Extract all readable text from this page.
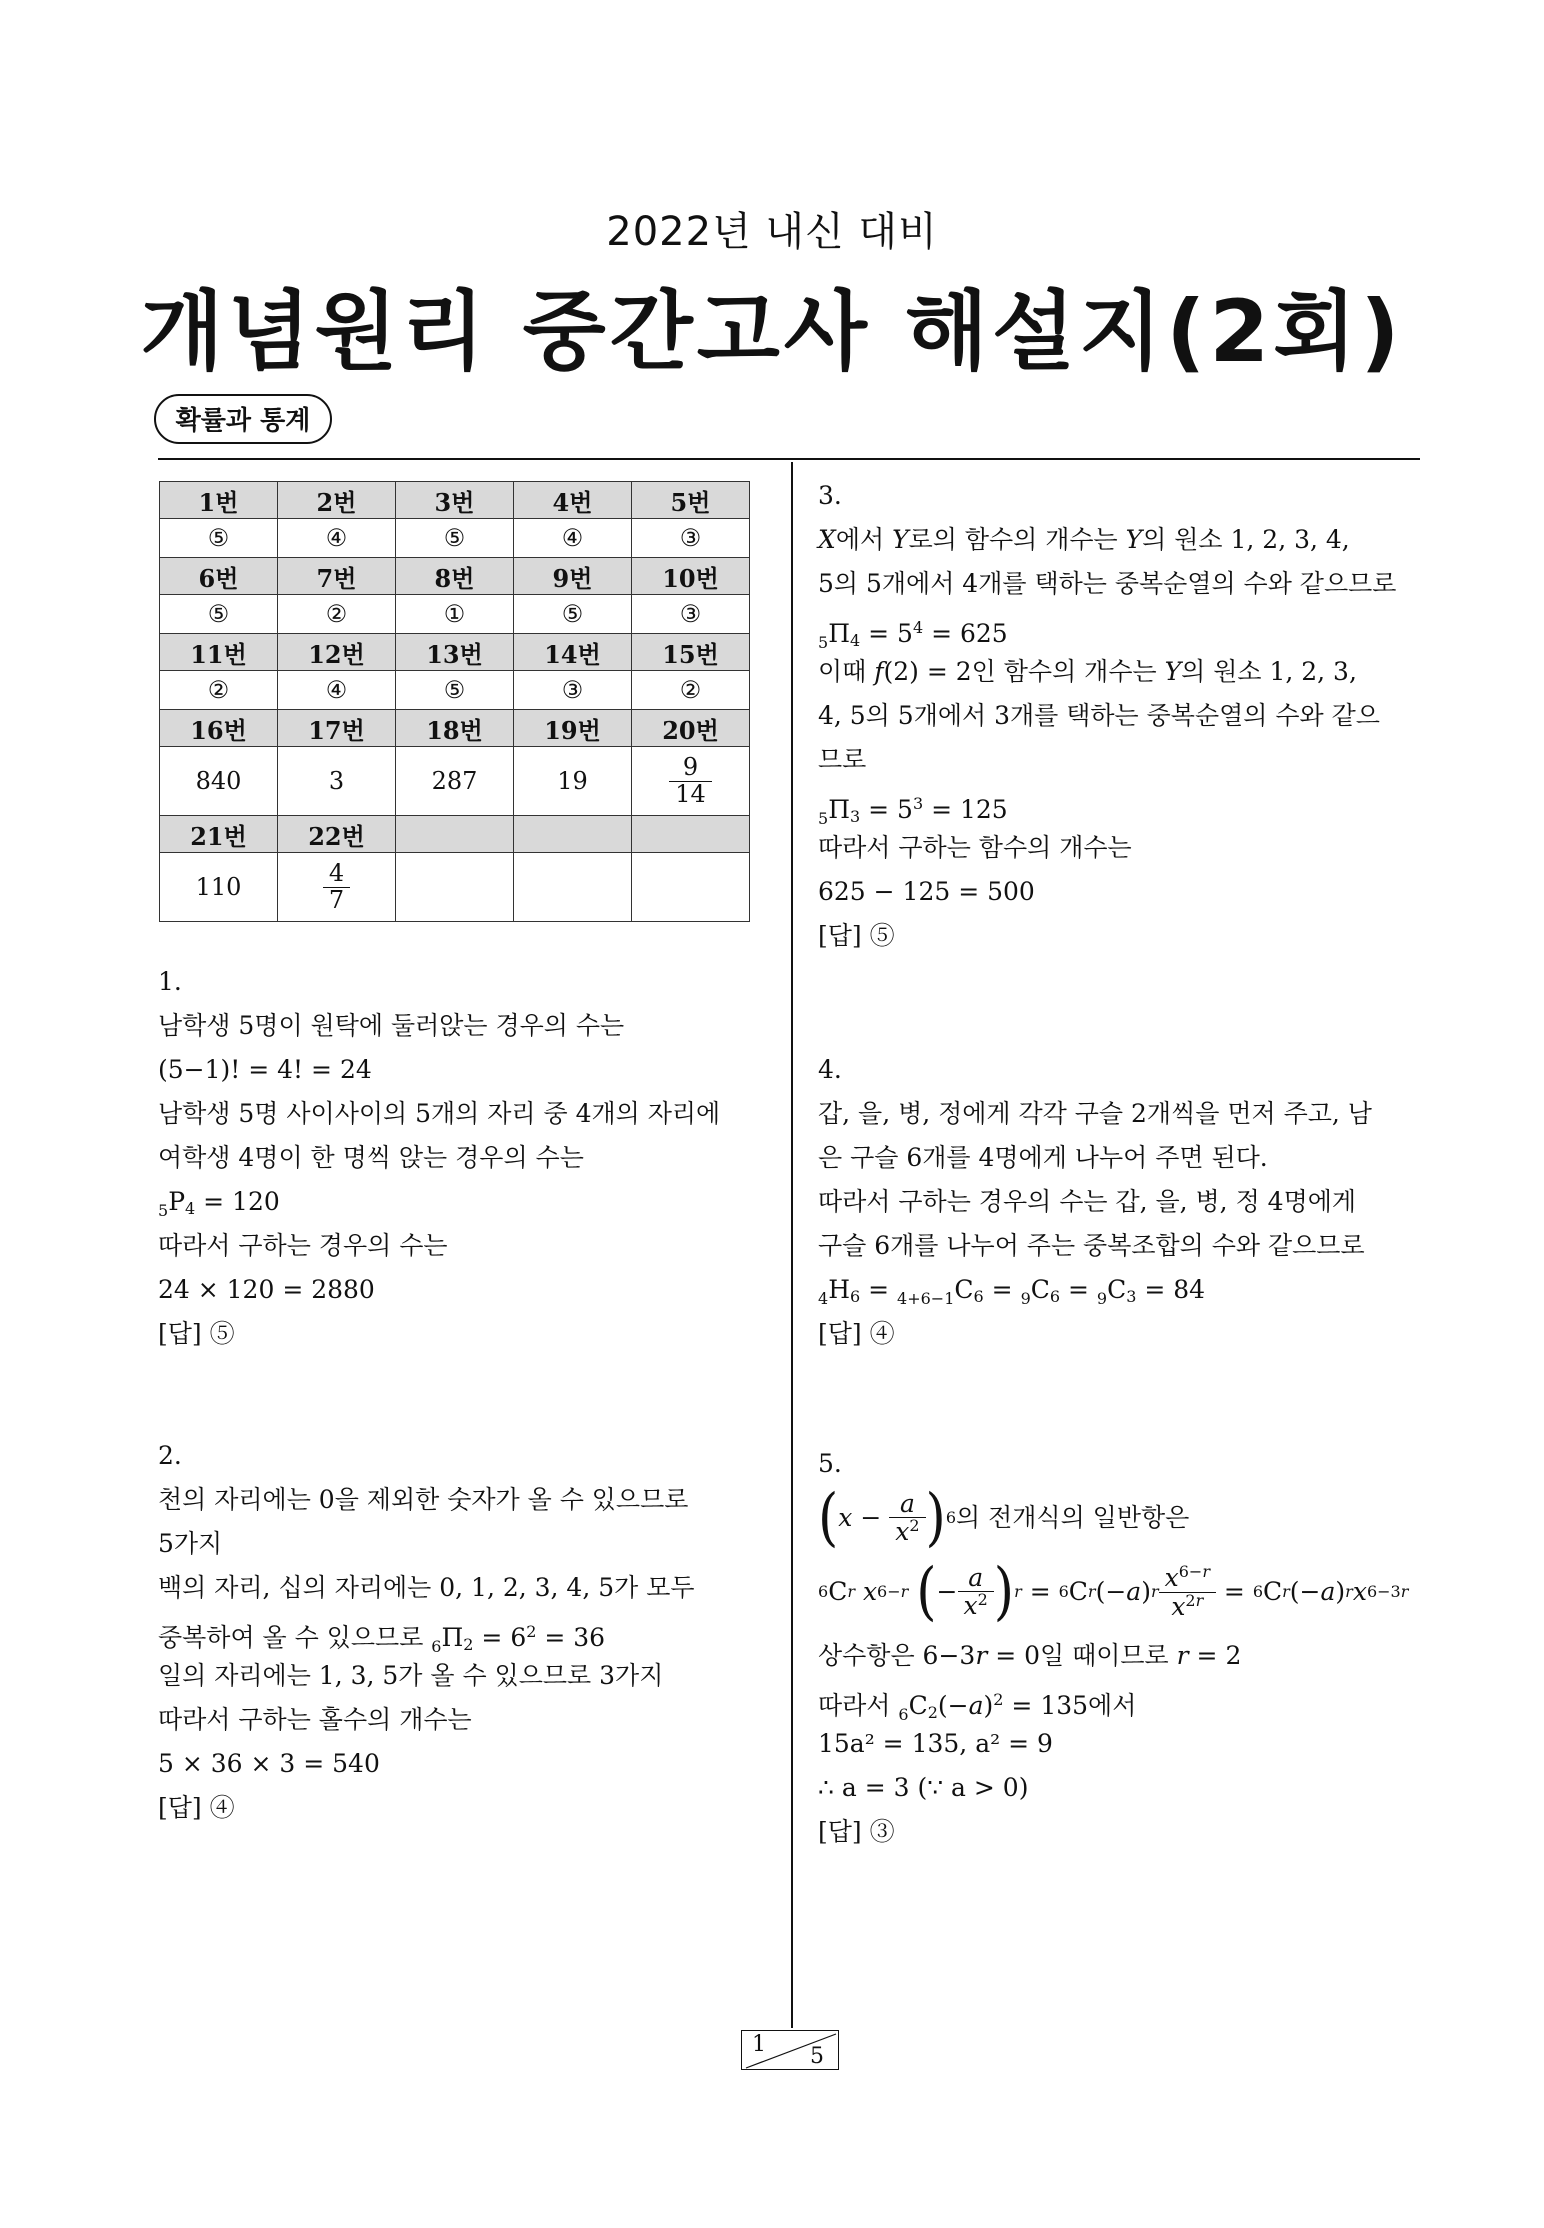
2022년 내신 대비
개념원리 중간고사 해설지(2회)
확률과 통계
1번	2번	3번	4번	5번
⑤	④	⑤	④	③
6번	7번	8번	9번	10번
⑤	②	①	⑤	③
11번	12번	13번	14번	15번
②	④	⑤	③	②
16번	17번	18번	19번	20번
840	3	287	19	$\frac{9}{14}$

21번	22번			
110	$\frac{4}{7}$

1.
남학생 5명이 원탁에 둘러앉는 경우의 수는
(5−1)! = 4! = 24
남학생 5명 사이사이의 5개의 자리 중 4개의 자리에
여학생 4명이 한 명씩 앉는 경우의 수는
$_5P_4 = 120$
따라서 구하는 경우의 수는
24 × 120 = 2880
[답] ⑤
2.
천의 자리에는 0을 제외한 숫자가 올 수 있으므로
5가지
백의 자리, 십의 자리에는 0, 1, 2, 3, 4, 5가 모두
중복하여 올 수 있으므로 $_6\Pi_2 = 6^2 = 36$
일의 자리에는 1, 3, 5가 올 수 있으므로 3가지
따라서 구하는 홀수의 개수는
5 × 36 × 3 = 540
[답] ④
3.
X에서 Y로의 함수의 개수는 Y의 원소 1, 2, 3, 4,
5의 5개에서 4개를 택하는 중복순열의 수와 같으므로
$_5\Pi_4 = 5^4 = 625$
이때 f(2) = 2인 함수의 개수는 Y의 원소 1, 2, 3,
4, 5의 5개에서 3개를 택하는 중복순열의 수와 같으
므로
$_5\Pi_3 = 5^3 = 125$
따라서 구하는 함수의 개수는
625 − 125 = 500
[답] ⑤
4.
갑, 을, 병, 정에게 각각 구슬 2개씩을 먼저 주고, 남
은 구슬 6개를 4명에게 나누어 주면 된다.
따라서 구하는 경우의 수는 갑, 을, 병, 정 4명에게
구슬 6개를 나누어 주는 중복조합의 수와 같으므로
$_4H_6 = _{4+6-1}C_6 = _9C_6 = _9C_3 = 84$
[답] ④
5.
( $x - \frac{a}{x^2}$ ) 6 의 전개식의 일반항은
6 C r
x 6−r
( − $\frac{a}{x^2}$ ) r = 6 C r (− a ) r $\frac{x^{6-r}}{x^{2r}} = 6$ C r (− a ) r x 6−3r
상수항은 6−3r = 0일 때이므로 r = 2
따라서 $_6C_2(-a)^2 = 135$에서
15a² = 135, a² = 9
∴ a = 3 (∵ a > 0)
[답] ③
1 5
